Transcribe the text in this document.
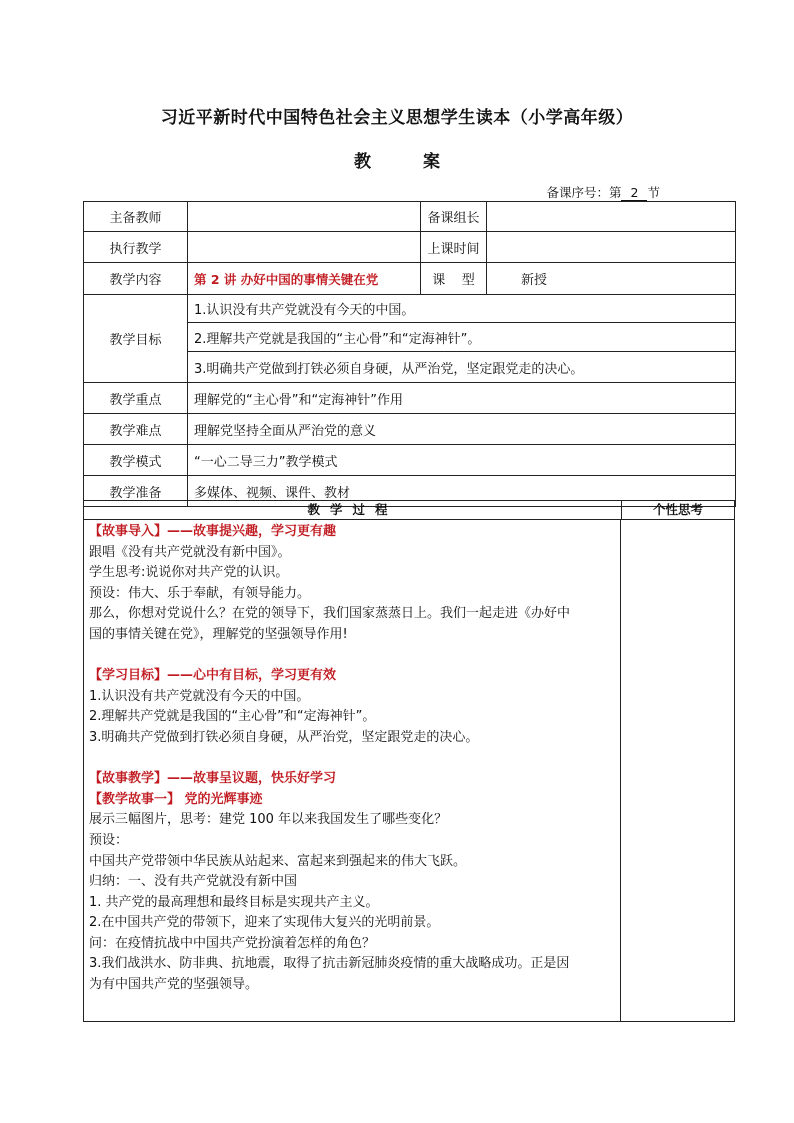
习近平新时代中国特色社会主义思想学生读本（小学高年级）
教案
备课序号：第 2 节
主备教师		备课组长	
执行教学		上课时间	
教学内容	第 2 讲 办好中国的事情关键在党	课    型	新授
教学目标	1.认识没有共产党就没有今天的中国。		
	2.理解共产党就是我国的“主心骨”和“定海神针”。		
	3.明确共产党做到打铁必须自身硬，从严治党，坚定跟党走的决心。		
教学重点	理解党的“主心骨”和“定海神针”作用		
教学难点	理解党坚持全面从严治党的意义		
教学模式	“一心二导三力”教学模式		
教学准备	多媒体、视频、课件、教材		
教学过程	个性思考
【故事导入】——故事提兴趣，学习更有趣
跟唱《没有共产党就没有新中国》。
学生思考:说说你对共产党的认识。
预设：伟大、乐于奉献，有领导能力。
那么，你想对党说什么？在党的领导下，我们国家蒸蒸日上。我们一起走进《办好中
国的事情关键在党》，理解党的坚强领导作用!
【学习目标】——心中有目标，学习更有效
1.认识没有共产党就没有今天的中国。
2.理解共产党就是我国的“主心骨”和“定海神针”。
3.明确共产党做到打铁必须自身硬，从严治党，坚定跟党走的决心。
【故事教学】——故事呈议题，快乐好学习
【教学故事一】 党的光辉事迹
展示三幅图片，思考：建党 100 年以来我国发生了哪些变化？
预设：
中国共产党带领中华民族从站起来、富起来到强起来的伟大飞跃。
归纳：一、没有共产党就没有新中国
1. 共产党的最高理想和最终目标是实现共产主义。
2.在中国共产党的带领下，迎来了实现伟大复兴的光明前景。
问：在疫情抗战中中国共产党扮演着怎样的角色？
3.我们战洪水、防非典、抗地震，取得了抗击新冠肺炎疫情的重大战略成功。正是因
为有中国共产党的坚强领导。
